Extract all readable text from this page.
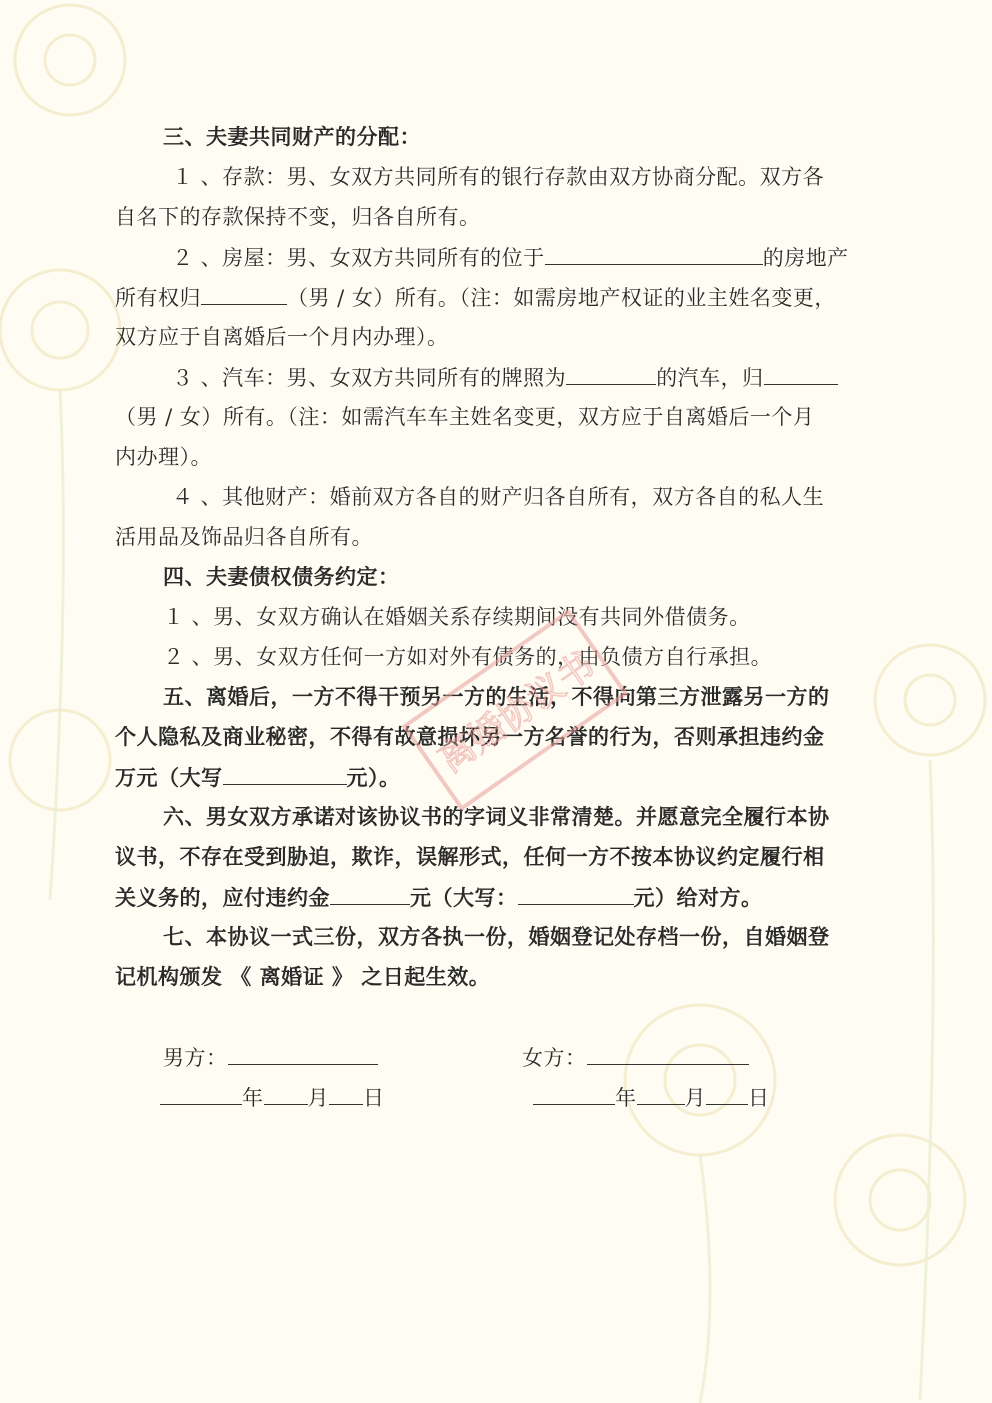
三、夫妻共同财产的分配：

１ 、存款：男、女双方共同所有的银行存款由双方协商分配。双方各

自名下的存款保持不变，归各自所有。

２ 、房屋：男、女双方共同所有的位于	的房地产

所有权归	（男 / 女）所有。（注：如需房地产权证的业主姓名变更，

双方应于自离婚后一个月内办理）。

３ 、汽车：男、女双方共同所有的牌照为	的汽车，归

（男 / 女）所有。（注：如需汽车车主姓名变更，双方应于自离婚后一个月

内办理）。

４ 、其他财产：婚前双方各自的财产归各自所有，双方各自的私人生

活用品及饰品归各自所有。

四、夫妻债权债务约定：

１ 、男、女双方确认在婚姻关系存续期间没有共同外借债务。

２ 、男、女双方任何一方如对外有债务的，由负债方自行承担。

五、离婚后，一方不得干预另一方的生活，不得向第三方泄露另一方的

个人隐私及商业秘密，不得有故意损坏另一方名誉的行为，否则承担违约金

万元（大写	元）。

六、男女双方承诺对该协议书的字词义非常清楚。并愿意完全履行本协

议书，不存在受到胁迫，欺诈，误解形式，任何一方不按本协议约定履行相

关义务的，应付违约金	元（大写：	元）给对方。

七、本协议一式三份，双方各执一份，婚姻登记处存档一份，自婚姻登

记机构颁发 《 离婚证 》 之日起生效。

男方：	女方：

年 月 日	年 月 日

离婚协议书
